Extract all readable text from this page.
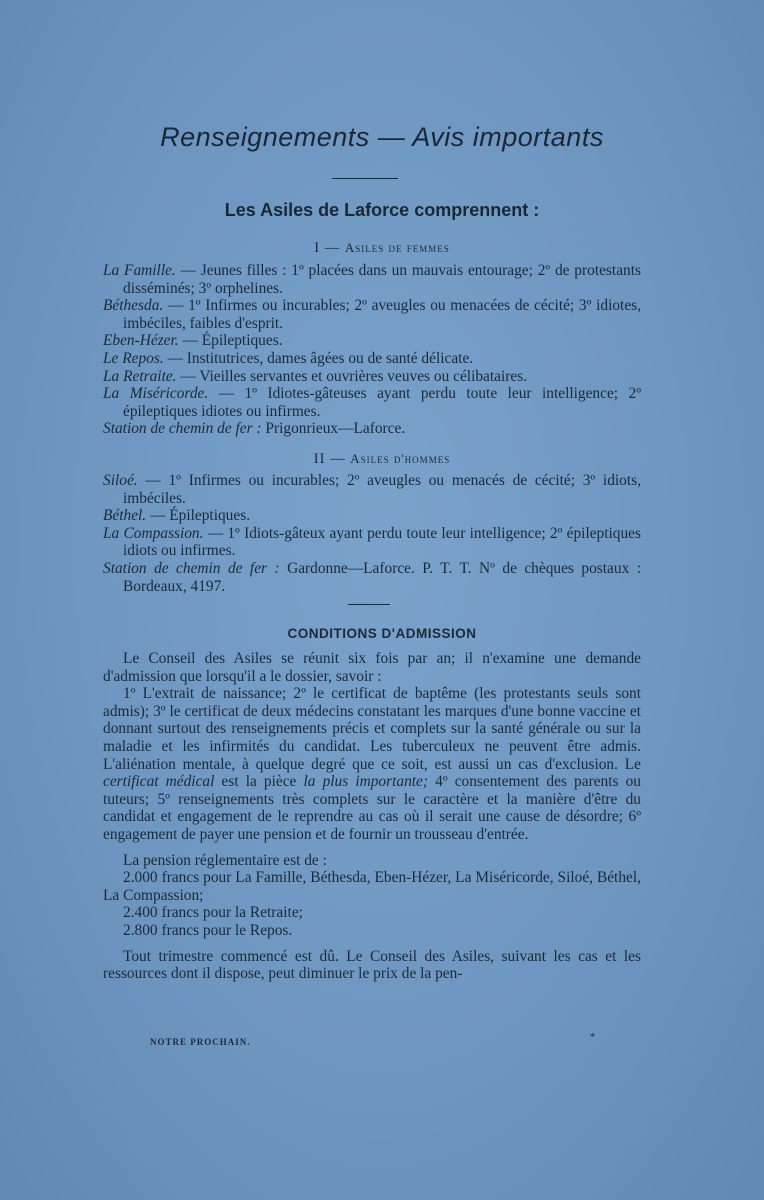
Renseignements — Avis importants
Les Asiles de Laforce comprennent :
I — Asiles de femmes
La Famille. — Jeunes filles : 1º placées dans un mauvais entourage; 2º de protestants disséminés; 3º orphelines.
Béthesda. — 1º Infirmes ou incurables; 2º aveugles ou menacées de cécité; 3º idiotes, imbéciles, faibles d'esprit.
Eben-Hézer. — Épileptiques.
Le Repos. — Institutrices, dames âgées ou de santé délicate.
La Retraite. — Vieilles servantes et ouvrières veuves ou célibataires.
La Miséricorde. — 1º Idiotes-gâteuses ayant perdu toute leur intelligence; 2º épileptiques idiotes ou infirmes.
Station de chemin de fer : Prigonrieux—Laforce.
II — Asiles d'hommes
Siloé. — 1º Infirmes ou incurables; 2º aveugles ou menacés de cécité; 3º idiots, imbéciles.
Béthel. — Épileptiques.
La Compassion. — 1º Idiots-gâteux ayant perdu toute leur intelligence; 2º épileptiques idiots ou infirmes.
Station de chemin de fer : Gardonne—Laforce. P. T. T. Nº de chèques postaux : Bordeaux, 4197.
CONDITIONS D'ADMISSION
Le Conseil des Asiles se réunit six fois par an; il n'examine une demande d'admission que lorsqu'il a le dossier, savoir :
1º L'extrait de naissance; 2º le certificat de baptême (les protestants seuls sont admis); 3º le certificat de deux médecins constatant les marques d'une bonne vaccine et donnant surtout des renseignements précis et complets sur la santé générale ou sur la maladie et les infirmités du candidat. Les tuberculeux ne peuvent être admis. L'aliénation mentale, à quelque degré que ce soit, est aussi un cas d'exclusion. Le certificat médical est la pièce la plus importante; 4º consentement des parents ou tuteurs; 5º renseignements très complets sur le caractère et la manière d'être du candidat et engagement de le reprendre au cas où il serait une cause de désordre; 6º engagement de payer une pension et de fournir un trousseau d'entrée.
La pension réglementaire est de :
2.000 francs pour La Famille, Béthesda, Eben-Hézer, La Miséricorde, Siloé, Béthel, La Compassion;
2.400 francs pour la Retraite;
2.800 francs pour le Repos.
Tout trimestre commencé est dû. Le Conseil des Asiles, suivant les cas et les ressources dont il dispose, peut diminuer le prix de la pen-
NOTRE PROCHAIN.	*
